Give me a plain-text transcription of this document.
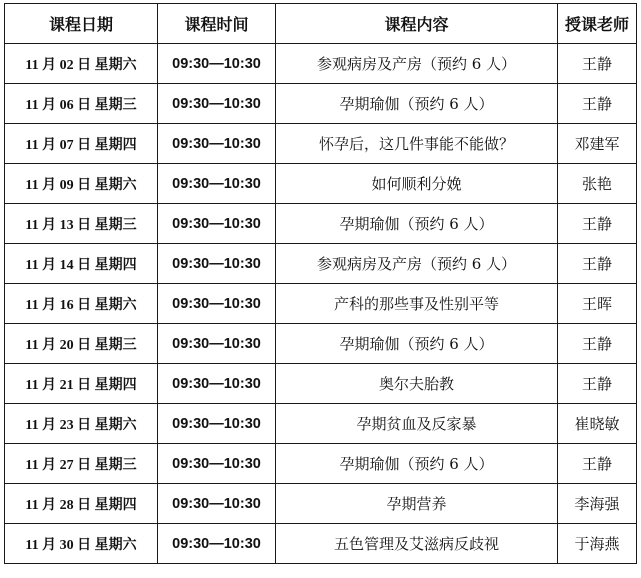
课程日期	课程时间	课程内容	授课老师
11 月 02 日 星期六	09:30—10:30	参观病房及产房（预约 6 人）	王静
11 月 06 日 星期三	09:30—10:30	孕期瑜伽（预约 6 人）	王静
11 月 07 日 星期四	09:30—10:30	怀孕后，这几件事能不能做？	邓建军
11 月 09 日 星期六	09:30—10:30	如何顺利分娩	张艳
11 月 13 日 星期三	09:30—10:30	孕期瑜伽（预约 6 人）	王静
11 月 14 日 星期四	09:30—10:30	参观病房及产房（预约 6 人）	王静
11 月 16 日 星期六	09:30—10:30	产科的那些事及性别平等	王晖
11 月 20 日 星期三	09:30—10:30	孕期瑜伽（预约 6 人）	王静
11 月 21 日 星期四	09:30—10:30	奥尔夫胎教	王静
11 月 23 日 星期六	09:30—10:30	孕期贫血及反家暴	崔晓敏
11 月 27 日 星期三	09:30—10:30	孕期瑜伽（预约 6 人）	王静
11 月 28 日 星期四	09:30—10:30	孕期营养	李海强
11 月 30 日 星期六	09:30—10:30	五色管理及艾滋病反歧视	于海燕
